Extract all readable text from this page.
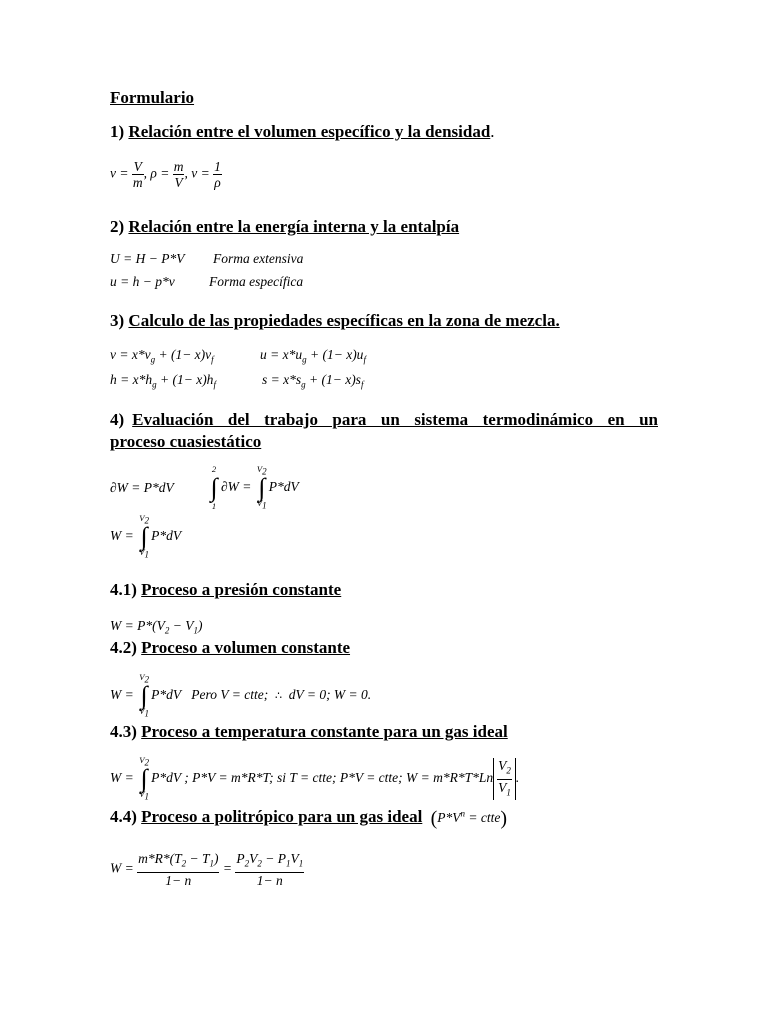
Formulario
1) Relación entre el volumen específico y la densidad.
$v = \frac{V}{m}$ , $\rho = \frac{m}{V}$ , $v = \frac{1}{\rho}$
2) Relación entre la energía interna y la entalpía
U = H − P*V Forma extensiva
u = h − p*v	Forma específica
3) Calculo de las propiedades específicas en la zona de mezcla.
$v = x*v_g + (1- x)v_f$	$u = x*u_g + (1- x)u_f$
$h = x*h_g + (1- x)h_f$	$s = x*s_g + (1- x)s_f$
4) Evaluación del trabajo para un sistema termodinámico en un
proceso cuasiestático
∂W = P*dV
2
∫
1
∂W =
$V_2$
∫
$V_1$
P*dV
W =
$V_2$
∫
$V_1$
P*dV
4.1) Proceso a presión constante
$W = P*(V_2 - V_1)$
4.2) Proceso a volumen constante
W =
$V_2$
∫
$V_1$
P*dV   Pero V = ctte; ∴ dV = 0; W = 0.
4.3) Proceso a temperatura constante para un gas ideal
W =
$V_2$
∫
$V_1$
P*dV ; P*V = m*R*T; si T = ctte; P*V = ctte; $W = m*R*T*Ln \frac{V_2}{V_1}$ .
4.4) Proceso a politrópico para un gas ideal ($P*V^n$ = ctte)
$W = \frac{m*R*(T_2 - T_1)}{1- n} = \frac{P_2V_2 - P_1V_1}{1- n}$
